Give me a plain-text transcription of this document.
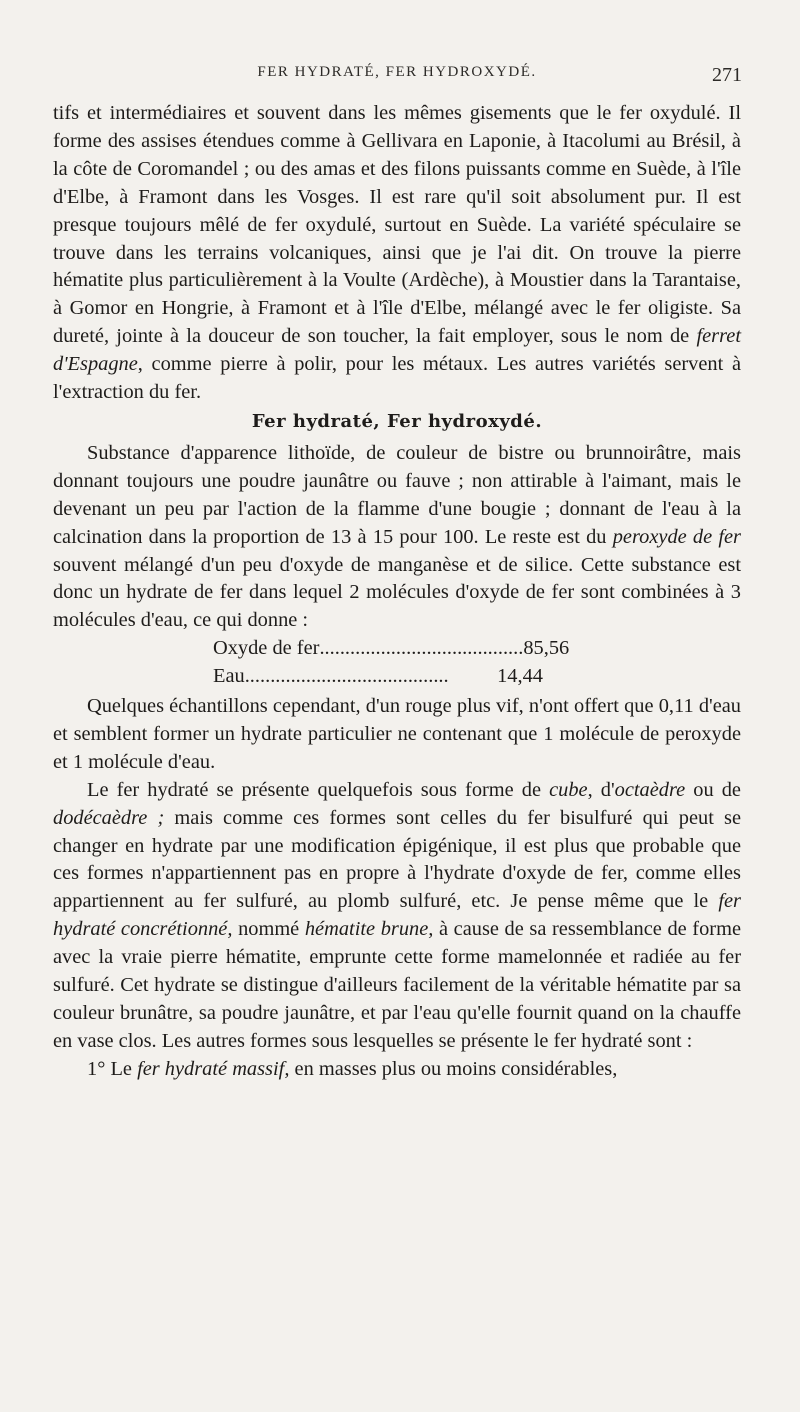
FER HYDRATÉ, FER HYDROXYDÉ.	271

tifs et intermédiaires et souvent dans les mêmes gisements que le fer oxydulé. Il forme des assises étendues comme à Gellivara en Laponie, à Itacolumi au Brésil, à la côte de Coromandel ; ou des amas et des filons puissants comme en Suède, à l'île d'Elbe, à Framont dans les Vosges. Il est rare qu'il soit absolument pur. Il est presque toujours mêlé de fer oxydulé, surtout en Suède. La variété spéculaire se trouve dans les terrains volcaniques, ainsi que je l'ai dit. On trouve la pierre hématite plus particulièrement à la Voulte (Ardèche), à Moustier dans la Tarantaise, à Gomor en Hongrie, à Framont et à l'île d'Elbe, mélangé avec le fer oligiste. Sa dureté, jointe à la douceur de son toucher, la fait employer, sous le nom de ferret d'Espagne, comme pierre à polir, pour les métaux. Les autres variétés servent à l'extraction du fer.

Fer hydraté, Fer hydroxydé.

Substance d'apparence lithoïde, de couleur de bistre ou brunnoirâtre, mais donnant toujours une poudre jaunâtre ou fauve ; non attirable à l'aimant, mais le devenant un peu par l'action de la flamme d'une bougie ; donnant de l'eau à la calcination dans la proportion de 13 à 15 pour 100. Le reste est du peroxyde de fer souvent mélangé d'un peu d'oxyde de manganèse et de silice. Cette substance est donc un hydrate de fer dans lequel 2 molécules d'oxyde de fer sont combinées à 3 molécules d'eau, ce qui donne :

Oxyde de fer ........................................ 85,56
Eau ........................................	14,44

Quelques échantillons cependant, d'un rouge plus vif, n'ont offert que 0,11 d'eau et semblent former un hydrate particulier ne contenant que 1 molécule de peroxyde et 1 molécule d'eau.

Le fer hydraté se présente quelquefois sous forme de cube, d'octaèdre ou de dodécaèdre ; mais comme ces formes sont celles du fer bisulfuré qui peut se changer en hydrate par une modification épigénique, il est plus que probable que ces formes n'appartiennent pas en propre à l'hydrate d'oxyde de fer, comme elles appartiennent au fer sulfuré, au plomb sulfuré, etc. Je pense même que le fer hydraté concrétionné, nommé hématite brune, à cause de sa ressemblance de forme avec la vraie pierre hématite, emprunte cette forme mamelonnée et radiée au fer sulfuré. Cet hydrate se distingue d'ailleurs facilement de la véritable hématite par sa couleur brunâtre, sa poudre jaunâtre, et par l'eau qu'elle fournit quand on la chauffe en vase clos. Les autres formes sous lesquelles se présente le fer hydraté sont :

1° Le fer hydraté massif, en masses plus ou moins considérables,
